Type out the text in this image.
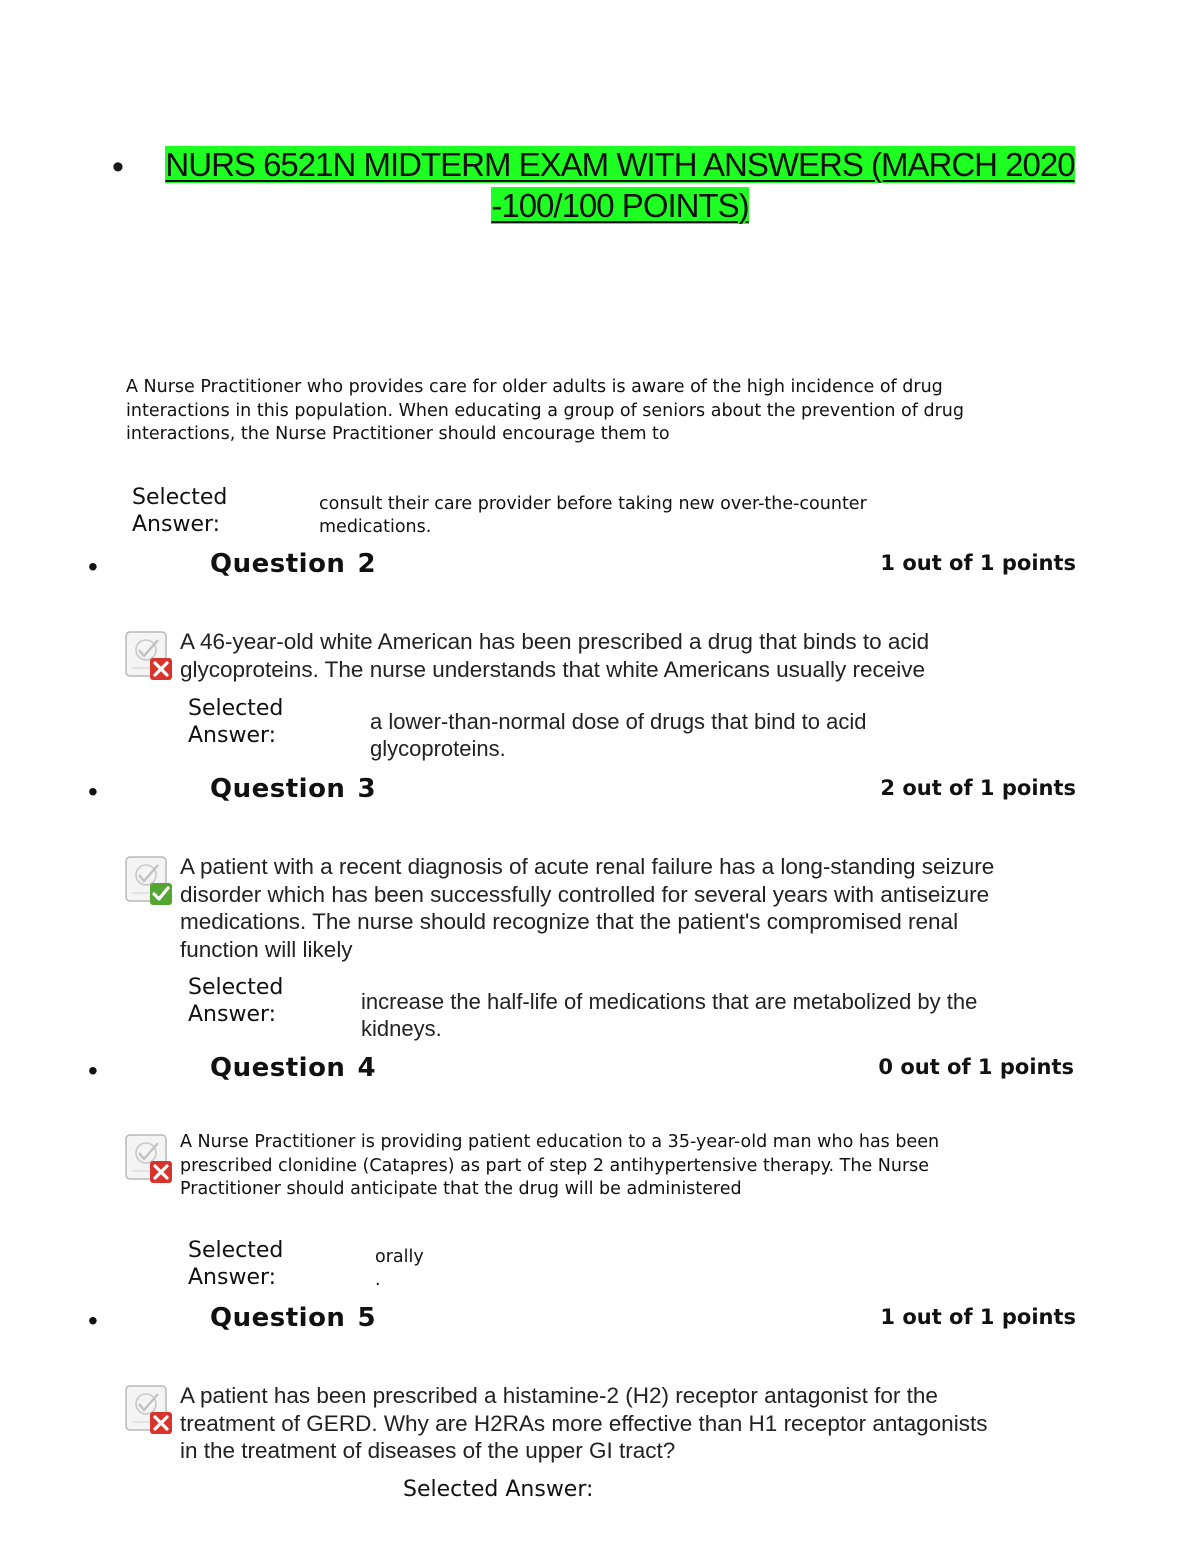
•	NURS 6521N MIDTERM EXAM WITH ANSWERS (MARCH 2020 -100/100 POINTS)
A Nurse Practitioner who provides care for older adults is aware of the high incidence of drug interactions in this population. When educating a group of seniors about the prevention of drug interactions, the Nurse Practitioner should encourage them to
Selected
Answer:
consult their care provider before taking new over-the-counter medications.
•	Question 2	1 out of 1 points
A 46-year-old white American has been prescribed a drug that binds to acid glycoproteins. The nurse understands that white Americans usually receive
Selected
Answer:
a lower-than-normal dose of drugs that bind to acid glycoproteins.
•	Question 3	2 out of 1 points
A patient with a recent diagnosis of acute renal failure has a long-standing seizure disorder which has been successfully controlled for several years with antiseizure medications. The nurse should recognize that the patient's compromised renal function will likely
Selected
Answer:
increase the half-life of medications that are metabolized by the kidneys.
•	Question 4	0 out of 1 points
A Nurse Practitioner is providing patient education to a 35-year-old man who has been prescribed clonidine (Catapres) as part of step 2 antihypertensive therapy. The Nurse Practitioner should anticipate that the drug will be administered
Selected
Answer:
orally
.
•	Question 5	1 out of 1 points
A patient has been prescribed a histamine-2 (H2) receptor antagonist for the treatment of GERD. Why are H2RAs more effective than H1 receptor antagonists in the treatment of diseases of the upper GI tract?
Selected Answer:
